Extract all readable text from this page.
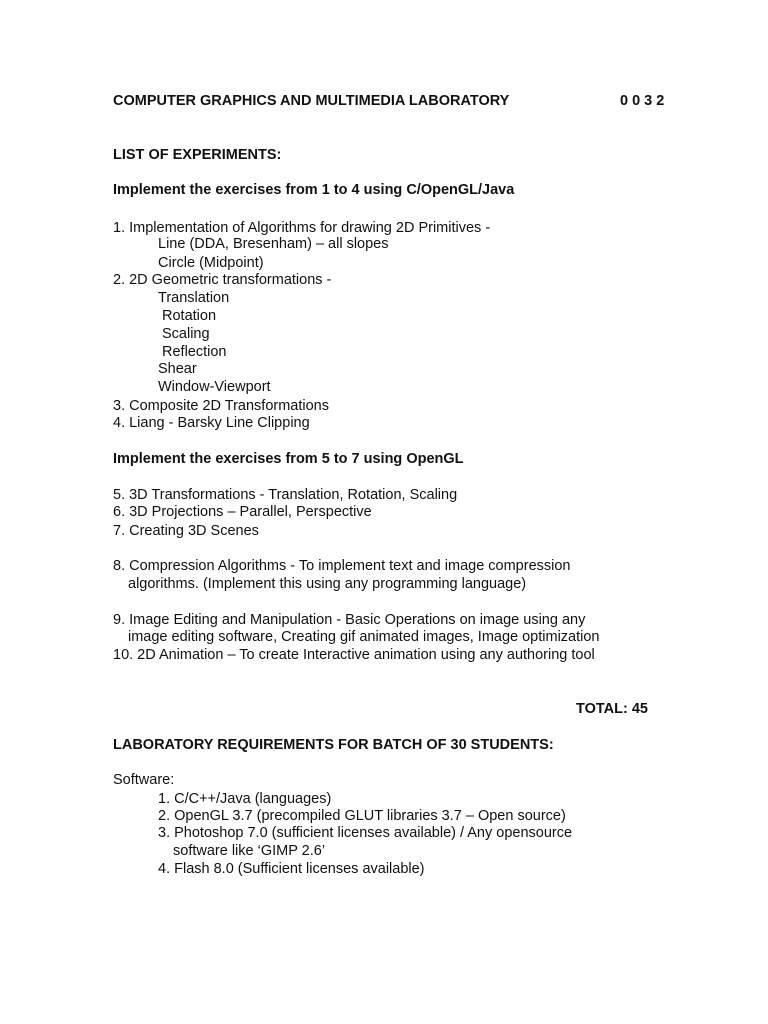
COMPUTER GRAPHICS AND MULTIMEDIA LABORATORY	0 0 3 2
LIST OF EXPERIMENTS:
Implement the exercises from 1 to 4 using C/OpenGL/Java
1. Implementation of Algorithms for drawing 2D Primitives -
Line (DDA, Bresenham) – all slopes
Circle (Midpoint)
2. 2D Geometric transformations -
Translation
Rotation
Scaling
Reflection
Shear
Window-Viewport
3. Composite 2D Transformations
4. Liang - Barsky Line Clipping
Implement the exercises from 5 to 7 using OpenGL
5. 3D Transformations - Translation, Rotation, Scaling
6. 3D Projections – Parallel, Perspective
7. Creating 3D Scenes
8. Compression Algorithms - To implement text and image compression
algorithms. (Implement this using any programming language)
9. Image Editing and Manipulation - Basic Operations on image using any
image editing software, Creating gif animated images, Image optimization
10. 2D Animation – To create Interactive animation using any authoring tool
TOTAL: 45
LABORATORY REQUIREMENTS FOR BATCH OF 30 STUDENTS:
Software:
1. C/C++/Java (languages)
2. OpenGL 3.7 (precompiled GLUT libraries 3.7 – Open source)
3. Photoshop 7.0 (sufficient licenses available) / Any opensource
software like ‘GIMP 2.6’
4. Flash 8.0 (Sufficient licenses available)
